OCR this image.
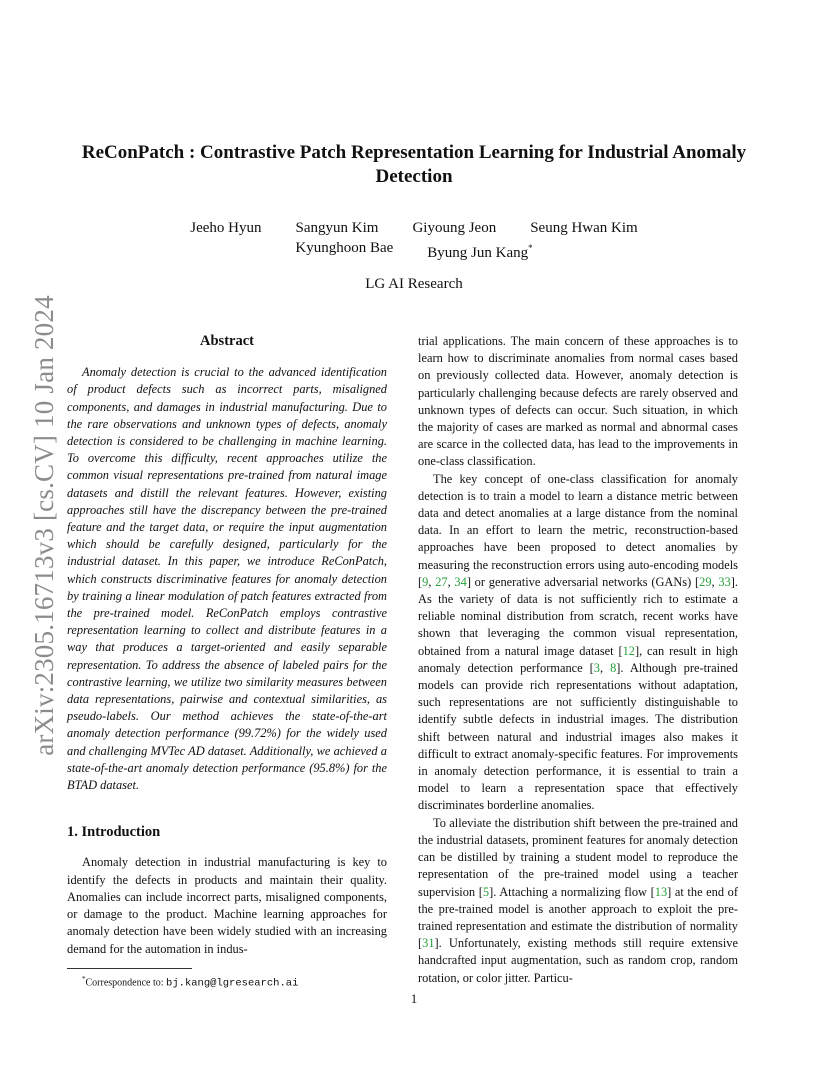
arXiv:2305.16713v3 [cs.CV] 10 Jan 2024
ReConPatch : Contrastive Patch Representation Learning for Industrial Anomaly Detection
Jeeho Hyun Sangyun Kim Giyoung Jeon Seung Hwan Kim
Kyunghoon Bae Byung Jun Kang*
LG AI Research
Abstract

Anomaly detection is crucial to the advanced identification of product defects such as incorrect parts, misaligned components, and damages in industrial manufacturing. Due to the rare observations and unknown types of defects, anomaly detection is considered to be challenging in machine learning. To overcome this difficulty, recent approaches utilize the common visual representations pre-trained from natural image datasets and distill the relevant features. However, existing approaches still have the discrepancy between the pre-trained feature and the target data, or require the input augmentation which should be carefully designed, particularly for the industrial dataset. In this paper, we introduce ReConPatch, which constructs discriminative features for anomaly detection by training a linear modulation of patch features extracted from the pre-trained model. ReConPatch employs contrastive representation learning to collect and distribute features in a way that produces a target-oriented and easily separable representation. To address the absence of labeled pairs for the contrastive learning, we utilize two similarity measures between data representations, pairwise and contextual similarities, as pseudo-labels. Our method achieves the state-of-the-art anomaly detection performance (99.72%) for the widely used and challenging MVTec AD dataset. Additionally, we achieved a state-of-the-art anomaly detection performance (95.8%) for the BTAD dataset.

1. Introduction

Anomaly detection in industrial manufacturing is key to identify the defects in products and maintain their quality. Anomalies can include incorrect parts, misaligned components, or damage to the product. Machine learning approaches for anomaly detection have been widely studied with an increasing demand for the automation in indus-

*Correspondence to: bj.kang@lgresearch.ai

trial applications. The main concern of these approaches is to learn how to discriminate anomalies from normal cases based on previously collected data. However, anomaly detection is particularly challenging because defects are rarely observed and unknown types of defects can occur. Such situation, in which the majority of cases are marked as normal and abnormal cases are scarce in the collected data, has lead to the improvements in one-class classification.

The key concept of one-class classification for anomaly detection is to train a model to learn a distance metric between data and detect anomalies at a large distance from the nominal data. In an effort to learn the metric, reconstruction-based approaches have been proposed to detect anomalies by measuring the reconstruction errors using auto-encoding models [9, 27, 34] or generative adversarial networks (GANs) [29, 33]. As the variety of data is not sufficiently rich to estimate a reliable nominal distribution from scratch, recent works have shown that leveraging the common visual representation, obtained from a natural image dataset [12], can result in high anomaly detection performance [3, 8]. Although pre-trained models can provide rich representations without adaptation, such representations are not sufficiently distinguishable to identify subtle defects in industrial images. The distribution shift between natural and industrial images also makes it difficult to extract anomaly-specific features. For improvements in anomaly detection performance, it is essential to train a model to learn a representation space that effectively discriminates borderline anomalies.

To alleviate the distribution shift between the pre-trained and the industrial datasets, prominent features for anomaly detection can be distilled by training a student model to reproduce the representation of the pre-trained model using a teacher supervision [5]. Attaching a normalizing flow [13] at the end of the pre-trained model is another approach to exploit the pre-trained representation and estimate the distribution of normality [31]. Unfortunately, existing methods still require extensive handcrafted input augmentation, such as random crop, random rotation, or color jitter. Particu-

1
